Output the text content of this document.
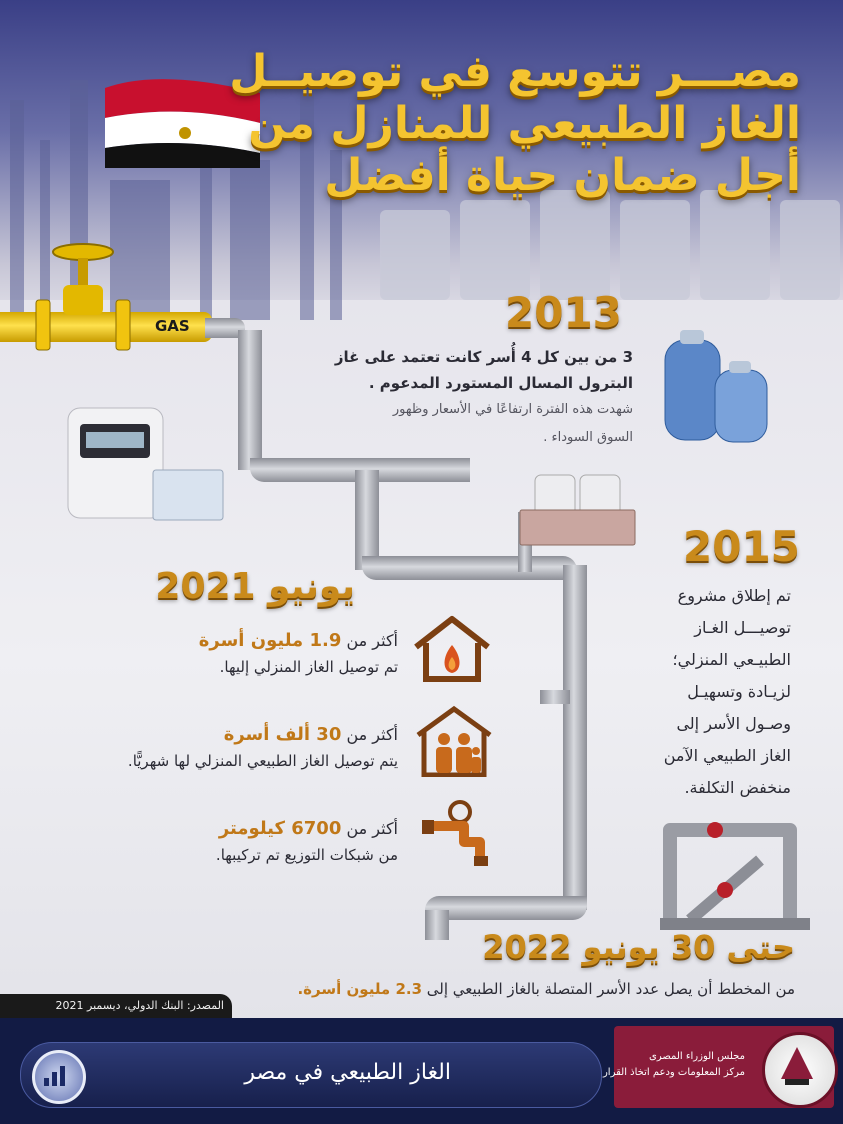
مصـــر تتوسع في توصيــل
الغاز الطبيعي للمنازل من
أجل ضمان حياة أفضل
GAS	2013
3 من بين كل 4 أُسر كانت تعتمد على غاز
البترول المسال المستورد المدعوم .
شهدت هذه الفترة ارتفاعًا في الأسعار وظهور
السوق السوداء .
2015
تم إطلاق مشروع
توصيـــل الغـاز
الطبيـعي المنزلي؛
لزيـادة وتسهيـل
وصـول الأسر إلى
الغاز الطبيعي الآمن
منخفض التكلفة.
يونيو 2021
أكثر من 1.9 مليون أسرة
تم توصيل الغاز المنزلي إليها.
أكثر من 30 ألف أسرة
يتم توصيل الغاز الطبيعي المنزلي لها شهريًّا.
أكثر من 6700 كيلومتر
من شبكات التوزيع تم تركيبها.
حتى 30 يونيو 2022
من المخطط أن يصل عدد الأسر المتصلة بالغاز الطبيعي إلى 2.3 مليون أسرة.
المصدر: البنك الدولي، ديسمبر 2021
الغاز الطبيعي في مصر
مجلس الوزراء المصرى
مركز المعلومات ودعم اتخاذ القرار
